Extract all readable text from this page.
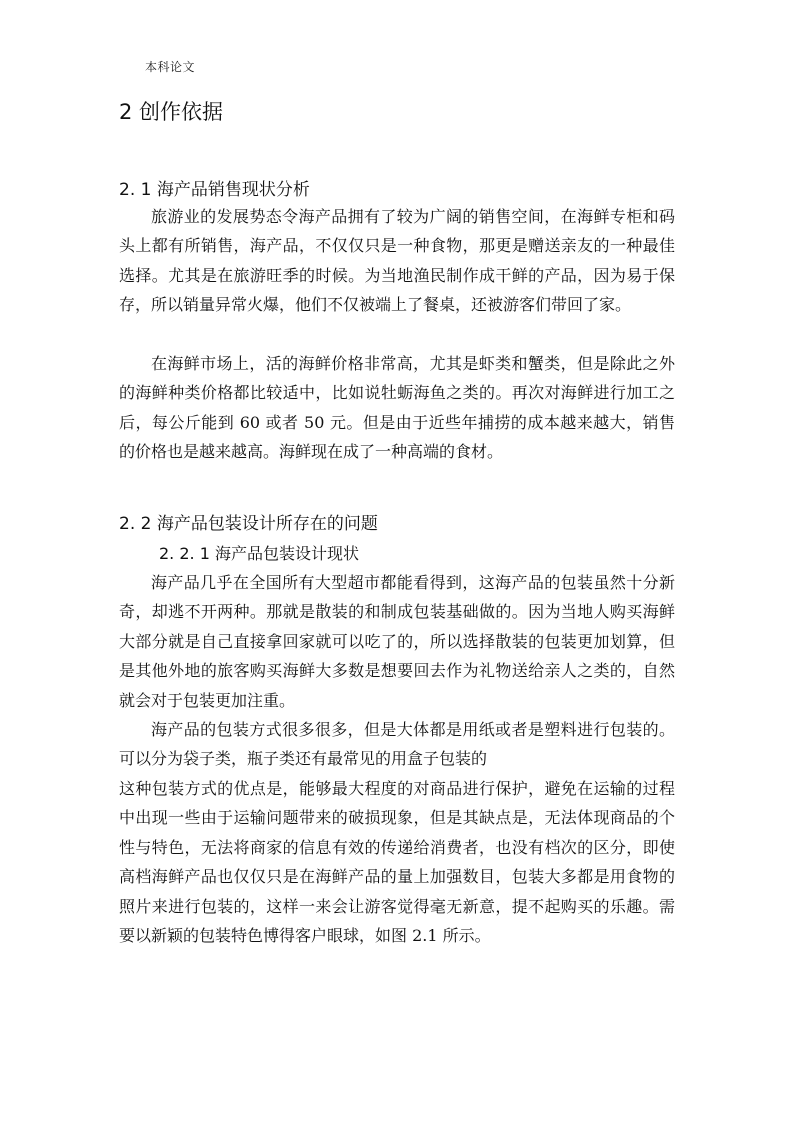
本科论文
2 创作依据
2. 1 海产品销售现状分析

旅游业的发展势态令海产品拥有了较为广阔的销售空间，在海鲜专柜和码头上都有所销售，海产品，不仅仅只是一种食物，那更是赠送亲友的一种最佳选择。尤其是在旅游旺季的时候。为当地渔民制作成干鲜的产品，因为易于保存，所以销量异常火爆，他们不仅被端上了餐桌，还被游客们带回了家。

在海鲜市场上，活的海鲜价格非常高，尤其是虾类和蟹类，但是除此之外的海鲜种类价格都比较适中，比如说牡蛎海鱼之类的。再次对海鲜进行加工之后，每公斤能到 60 或者 50 元。但是由于近些年捕捞的成本越来越大，销售的价格也是越来越高。海鲜现在成了一种高端的食材。

2. 2 海产品包装设计所存在的问题
2. 2. 1 海产品包装设计现状

海产品几乎在全国所有大型超市都能看得到，这海产品的包装虽然十分新奇，却逃不开两种。那就是散装的和制成包装基础做的。因为当地人购买海鲜大部分就是自己直接拿回家就可以吃了的，所以选择散装的包装更加划算，但是其他外地的旅客购买海鲜大多数是想要回去作为礼物送给亲人之类的，自然就会对于包装更加注重。

海产品的包装方式很多很多，但是大体都是用纸或者是塑料进行包装的。可以分为袋子类，瓶子类还有最常见的用盒子包装的

这种包装方式的优点是，能够最大程度的对商品进行保护，避免在运输的过程中出现一些由于运输问题带来的破损现象，但是其缺点是，无法体现商品的个性与特色，无法将商家的信息有效的传递给消费者，也没有档次的区分，即使高档海鲜产品也仅仅只是在海鲜产品的量上加强数目，包装大多都是用食物的照片来进行包装的，这样一来会让游客觉得毫无新意，提不起购买的乐趣。需要以新颖的包装特色博得客户眼球，如图 2.1 所示。
